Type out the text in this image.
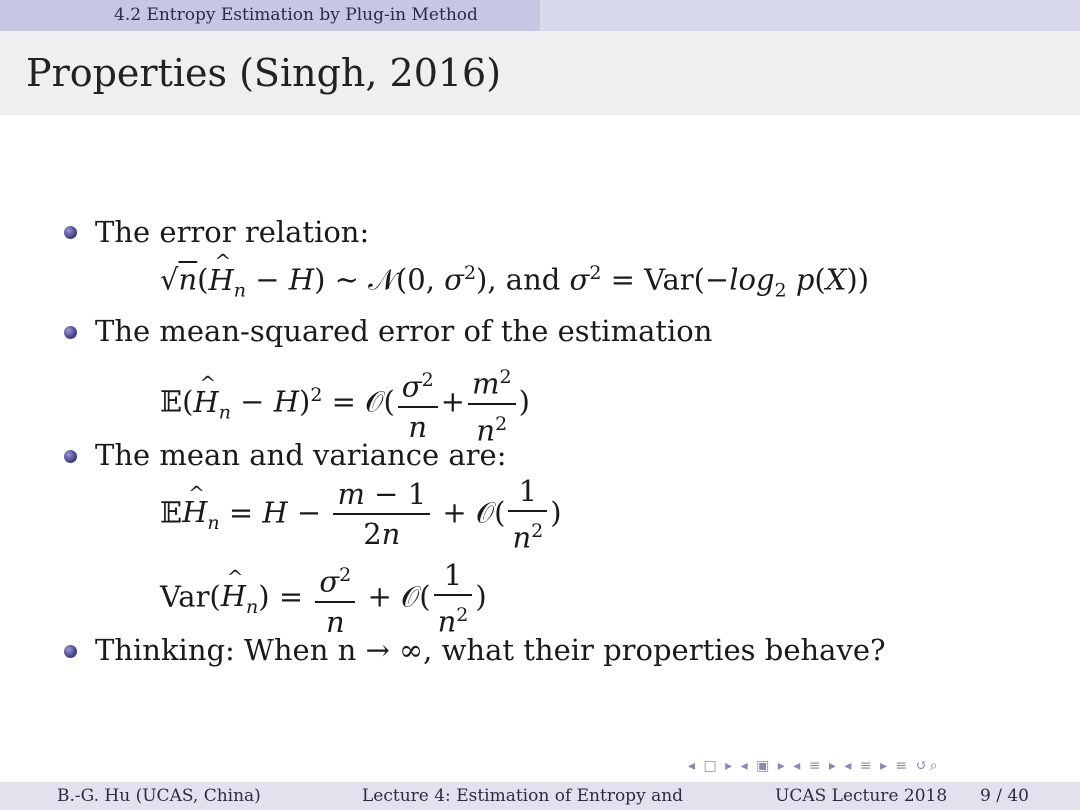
4.2 Entropy Estimation by Plug-in Method
Properties (Singh, 2016)
The error relation:
√n(^ $H_n - H$) ∼ 𝒩(0, $\sigma^2$), and $\sigma^2 = Var(-\log_2$ p(X))
The mean-squared error of the estimation
𝔼(^ $H_n - H)^2$ = 𝒪( $\frac{\sigma^2}{n} + \frac{m^2}{n^2}$ )
The mean and variance are:
𝔼^ $H_n = H - \frac{m - 1}{2n}$ + 𝒪( $\frac{1}{n^2}$ )
Var(^ $H_n) = \frac{\sigma^2}{n}$ + 𝒪( $\frac{1}{n^2}$ )
Thinking: When n → ∞, what their properties behave?
◂ □ ▸ ◂ ▣ ▸ ◂ ≡ ▸ ◂ ≡ ▸ ≡ ↺⌕
B.-G. Hu (UCAS, China)	Lecture 4: Estimation of Entropy and	UCAS Lecture 2018 9 / 40
